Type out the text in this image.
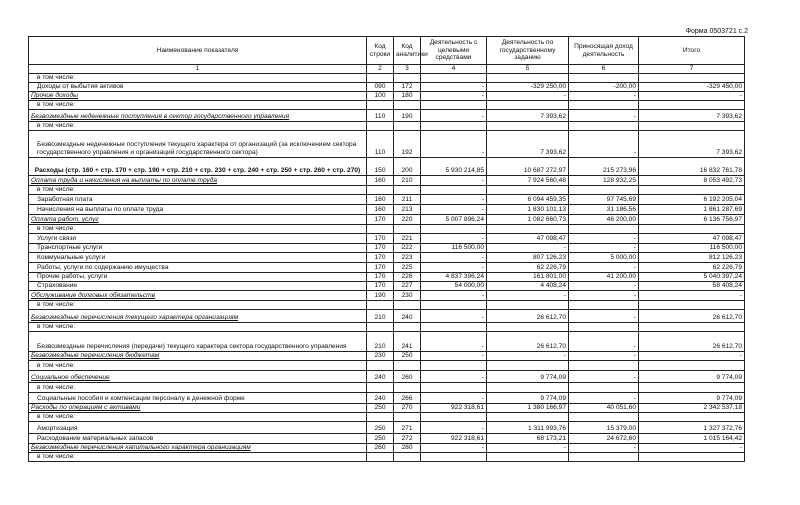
Форма 0503721 с.2
Наименование показателя	Код строки	Код аналитики	Деятельность с целевыми средствами	Деятельность по государственному заданию	Приносящая доход деятельность	Итого
1	2	3	4	5	6	7
в том числе:						
Доходы от выбытия активов	090	172	-	-329 250,00	-200,00	-329 450,00
Прочие доходы	100	180	-	-	-	-
в том числе:						
Безвозмездные неденежные поступления в сектор государственного управления	110	190	-	7 393,62	-	7 393,62
в том числе:						
Безвозмездные неденежные поступления текущего характера от организаций (за исключением сектора государственного управления и организаций государственного сектора)	110	192	-	7 393,62	-	7 393,62
Расходы (стр. 160 + стр. 170 + стр. 190 + стр. 210 + стр. 230 + стр. 240 + стр. 250 + стр. 260 + стр. 270)	150	200	5 930 214,85	10 687 272,97	215 273,96	16 832 761,78
Оплата труда и начисления на выплаты по оплате труда	160	210	-	7 924 560,48	128 932,25	8 053 492,73
в том числе:						
Заработная плата	160	211	-	6 094 459,35	97 745,69	6 192 205,04
Начисления на выплаты по оплате труда	160	213	-	1 830 101,13	31 186,56	1 861 287,69
Оплата работ, услуг	170	220	5 007 896,24	1 082 660,73	46 200,00	6 136 756,97
в том числе:						
Услуги связи	170	221	-	47 098,47	-	47 098,47
Транспортные услуги	170	222	116 500,00	-	-	116 500,00
Коммунальные услуги	170	223	-	807 126,23	5 000,00	812 126,23
Работы, услуги по содержанию имущества	170	225	-	62 226,79	-	62 226,79
Прочие работы, услуги	170	226	4 837 396,24	161 801,00	41 200,00	5 040 397,24
Страхование	170	227	54 000,00	4 408,24	-	58 408,24
Обслуживание долговых обязательств	190	230	-	-	-	-
в том числе:						
Безвозмездные перечисления текущего характера организациям	210	240	-	26 612,70	-	26 612,70
в том числе:						
Безвозмездные перечисления (передачи) текущего характера сектора государственного управления	210	241	-	26 612,70	-	26 612,70
Безвозмездные перечисления бюджетам	230	250	-	-	-	-
в том числе:						
Социальное обеспечение	240	260	-	9 774,09	-	9 774,09
в том числе:						
Социальные пособия и компенсации персоналу в денежной форме	240	266	-	9 774,09	-	9 774,09
Расходы по операциям с активами	250	270	922 318,61	1 380 166,97	40 051,60	2 342 537,18
в том числе:						
Амортизация	250	271	-	1 311 993,76	15 379,00	1 327 372,76
Расходование материальных запасов	250	272	922 318,61	68 173,21	24 672,60	1 015 164,42
Безвозмездные перечисления капитального характера организациям	260	280	-	-	-	-
в том числе:						
